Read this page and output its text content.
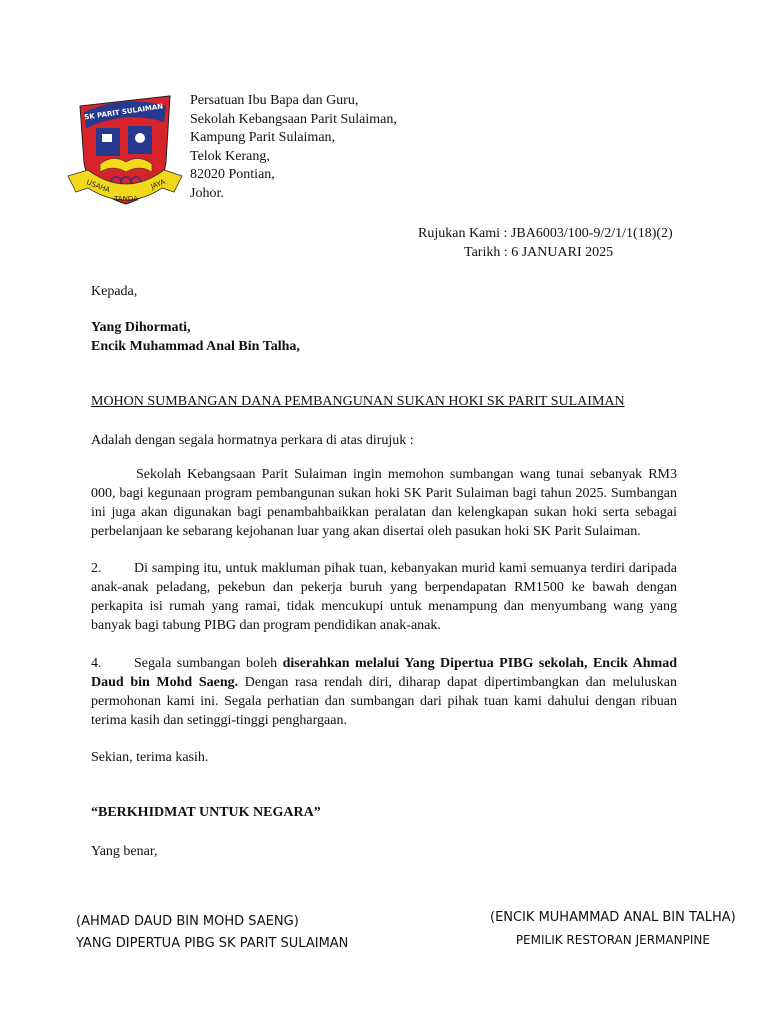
SK PARIT SULAIMAN
USAHA
TANDA
JAYA
Persatuan Ibu Bapa dan Guru,
Sekolah Kebangsaan Parit Sulaiman,
Kampung Parit Sulaiman,
Telok Kerang,
82020 Pontian,
Johor.
Rujukan Kami : JBA6003/100-9/2/1/1(18)(2)
Tarikh : 6 JANUARI 2025
Kepada,
Yang Dihormati,
Encik Muhammad Anal Bin Talha,
MOHON SUMBANGAN DANA PEMBANGUNAN SUKAN HOKI SK PARIT SULAIMAN
Adalah dengan segala hormatnya perkara di atas dirujuk :
Sekolah Kebangsaan Parit Sulaiman ingin memohon sumbangan wang tunai sebanyak RM3 000, bagi kegunaan program pembangunan sukan hoki SK Parit Sulaiman bagi tahun 2025. Sumbangan ini juga akan digunakan bagi penambahbaikkan peralatan dan kelengkapan sukan hoki serta sebagai perbelanjaan ke sebarang kejohanan luar yang akan disertai oleh pasukan hoki SK Parit Sulaiman.
2. Di samping itu, untuk makluman pihak tuan, kebanyakan murid kami semuanya terdiri daripada anak-anak peladang, pekebun dan pekerja buruh yang berpendapatan RM1500 ke bawah dengan perkapita isi rumah yang ramai, tidak mencukupi untuk menampung dan menyumbang wang yang banyak bagi tabung PIBG dan program pendidikan anak-anak.
4. Segala sumbangan boleh diserahkan melalui Yang Dipertua PIBG sekolah, Encik Ahmad Daud bin Mohd Saeng. Dengan rasa rendah diri, diharap dapat dipertimbangkan dan meluluskan permohonan kami ini. Segala perhatian dan sumbangan dari pihak tuan kami dahului dengan ribuan terima kasih dan setinggi-tinggi penghargaan.
Sekian, terima kasih.
“BERKHIDMAT UNTUK NEGARA”
Yang benar,
(AHMAD DAUD BIN MOHD SAENG)
YANG DIPERTUA PIBG SK PARIT SULAIMAN
(ENCIK MUHAMMAD ANAL BIN TALHA)
PEMILIK RESTORAN JERMANPINE
